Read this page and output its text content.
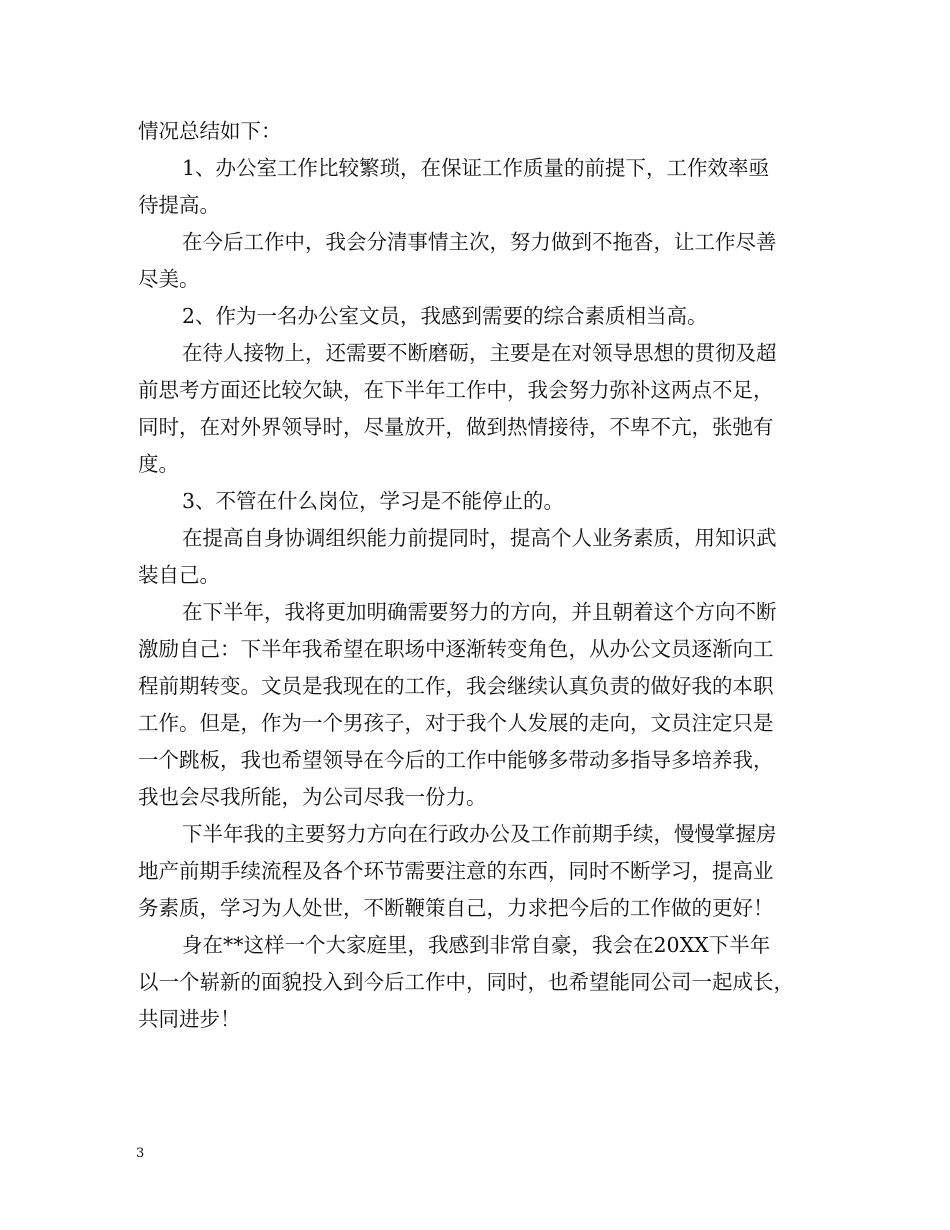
情况总结如下：
1、办公室工作比较繁琐，在保证工作质量的前提下，工作效率亟
待提高。
在今后工作中，我会分清事情主次，努力做到不拖沓，让工作尽善
尽美。
2、作为一名办公室文员，我感到需要的综合素质相当高。
在待人接物上，还需要不断磨砺，主要是在对领导思想的贯彻及超
前思考方面还比较欠缺，在下半年工作中，我会努力弥补这两点不足，
同时，在对外界领导时，尽量放开，做到热情接待，不卑不亢，张弛有
度。
3、不管在什么岗位，学习是不能停止的。
在提高自身协调组织能力前提同时，提高个人业务素质，用知识武
装自己。
在下半年，我将更加明确需要努力的方向，并且朝着这个方向不断
激励自己：下半年我希望在职场中逐渐转变角色，从办公文员逐渐向工
程前期转变。文员是我现在的工作，我会继续认真负责的做好我的本职
工作。但是，作为一个男孩子，对于我个人发展的走向，文员注定只是
一个跳板，我也希望领导在今后的工作中能够多带动多指导多培养我，
我也会尽我所能，为公司尽我一份力。
下半年我的主要努力方向在行政办公及工作前期手续，慢慢掌握房
地产前期手续流程及各个环节需要注意的东西，同时不断学习，提高业
务素质，学习为人处世，不断鞭策自己，力求把今后的工作做的更好！
身在**这样一个大家庭里，我感到非常自豪，我会在20XX下半年
以一个崭新的面貌投入到今后工作中，同时，也希望能同公司一起成长，
共同进步！
3
